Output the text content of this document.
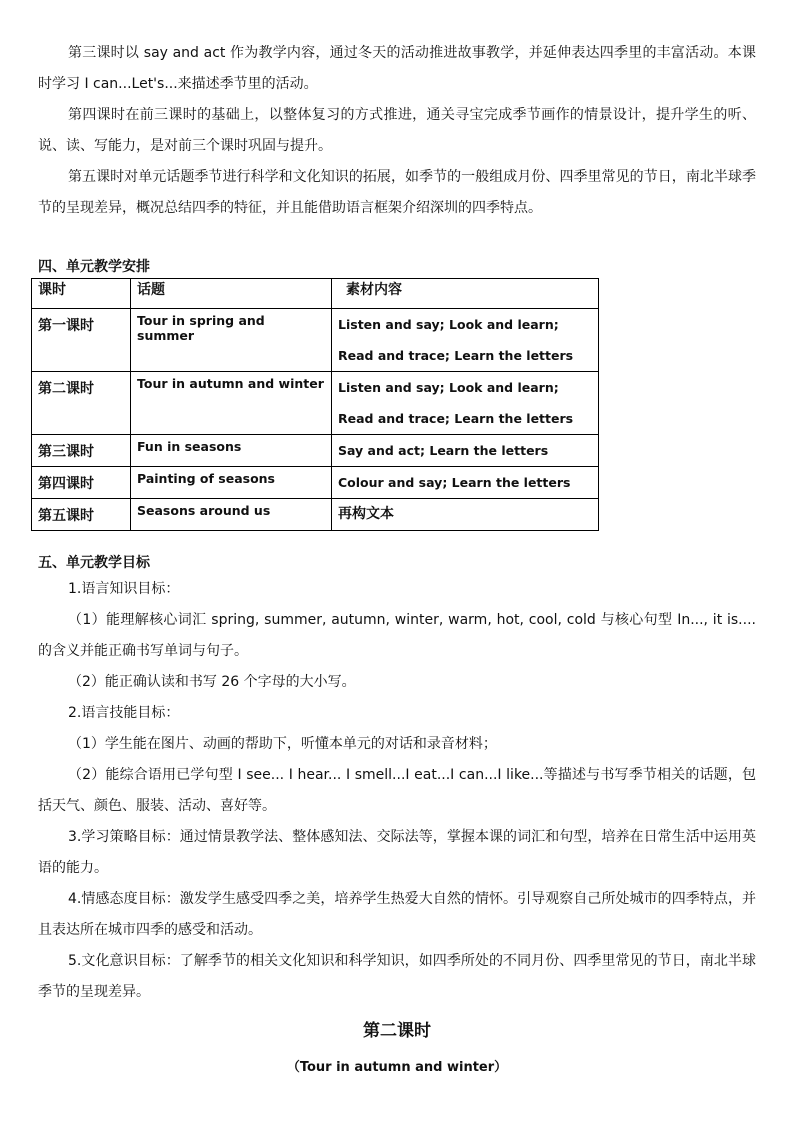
第三课时以 say and act 作为教学内容，通过冬天的活动推进故事教学，并延伸表达四季里的丰富活动。本课时学习 I can...Let's...来描述季节里的活动。

第四课时在前三课时的基础上，以整体复习的方式推进，通关寻宝完成季节画作的情景设计，提升学生的听、说、读、写能力，是对前三个课时巩固与提升。

第五课时对单元话题季节进行科学和文化知识的拓展，如季节的一般组成月份、四季里常见的节日，南北半球季节的呈现差异，概况总结四季的特征，并且能借助语言框架介绍深圳的四季特点。

四、单元教学安排

课时	话题	素材内容
第一课时	Tour in spring and summer	Listen and say; Look and learn; Read and trace; Learn the letters
第二课时	Tour in autumn and winter	Listen and say; Look and learn; Read and trace; Learn the letters
第三课时	Fun in seasons	Say and act; Learn the letters
第四课时	Painting of seasons	Colour and say; Learn the letters
第五课时	Seasons around us	再构文本

五、单元教学目标

1.语言知识目标：

（1）能理解核心词汇 spring, summer, autumn, winter, warm, hot, cool, cold 与核心句型 In..., it is....的含义并能正确书写单词与句子。

（2）能正确认读和书写 26 个字母的大小写。

2.语言技能目标：

（1）学生能在图片、动画的帮助下，听懂本单元的对话和录音材料；

（2）能综合语用已学句型 I see... I hear... I smell...I eat...I can...I like...等描述与书写季节相关的话题，包括天气、颜色、服装、活动、喜好等。

3.学习策略目标：通过情景教学法、整体感知法、交际法等，掌握本课的词汇和句型，培养在日常生活中运用英语的能力。

4.情感态度目标：激发学生感受四季之美，培养学生热爱大自然的情怀。引导观察自己所处城市的四季特点，并且表达所在城市四季的感受和活动。

5.文化意识目标：了解季节的相关文化知识和科学知识，如四季所处的不同月份、四季里常见的节日，南北半球季节的呈现差异。

第二课时

（Tour in autumn and winter）
